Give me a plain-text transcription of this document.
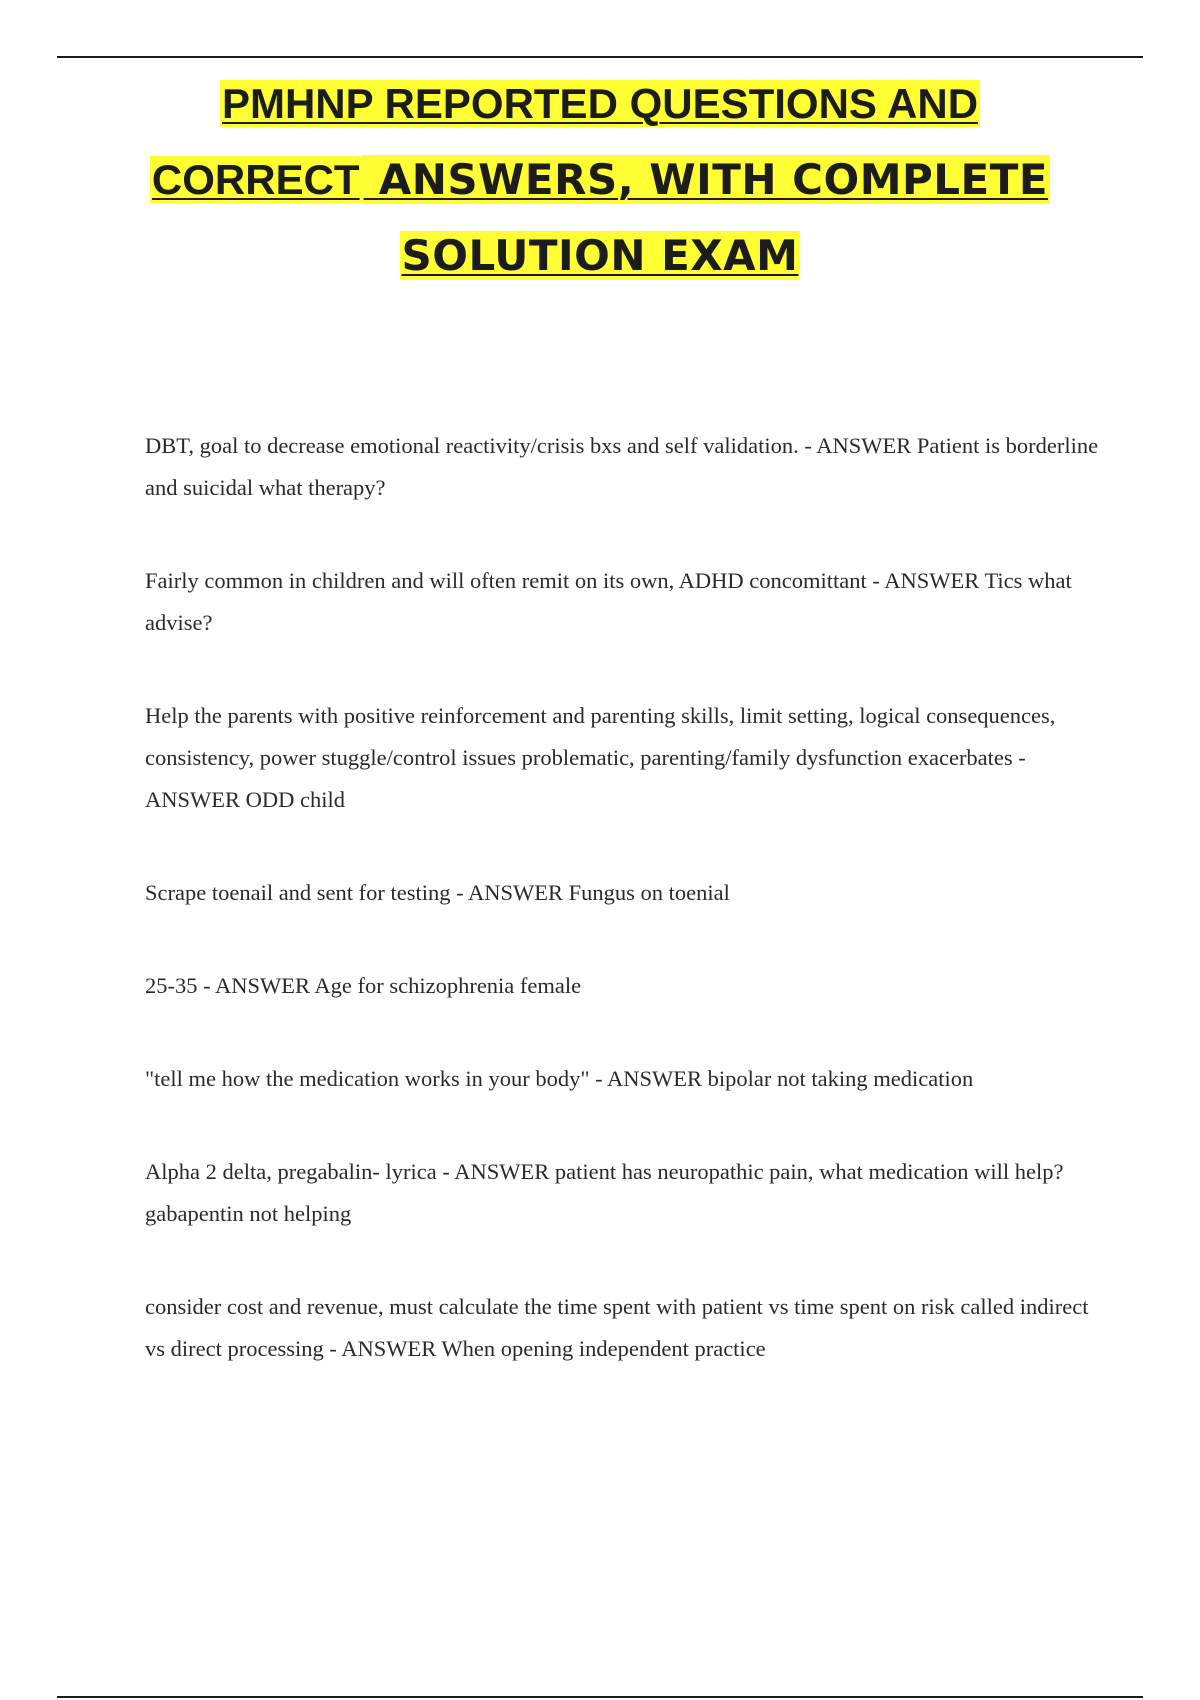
PMHNP REPORTED QUESTIONS AND
CORRECT ANSWERS, WITH COMPLETE
SOLUTION EXAM
DBT, goal to decrease emotional reactivity/crisis bxs and self validation. - ANSWER Patient is borderline and suicidal what therapy?
Fairly common in children and will often remit on its own, ADHD concomittant - ANSWER Tics what advise?
Help the parents with positive reinforcement and parenting skills, limit setting, logical consequences, consistency, power stuggle/control issues problematic, parenting/family dysfunction exacerbates - ANSWER ODD child
Scrape toenail and sent for testing - ANSWER Fungus on toenial
25-35 - ANSWER Age for schizophrenia female
"tell me how the medication works in your body" - ANSWER bipolar not taking medication
Alpha 2 delta, pregabalin- lyrica - ANSWER patient has neuropathic pain, what medication will help? gabapentin not helping
consider cost and revenue, must calculate the time spent with patient vs time spent on risk called indirect vs direct processing - ANSWER When opening independent practice
